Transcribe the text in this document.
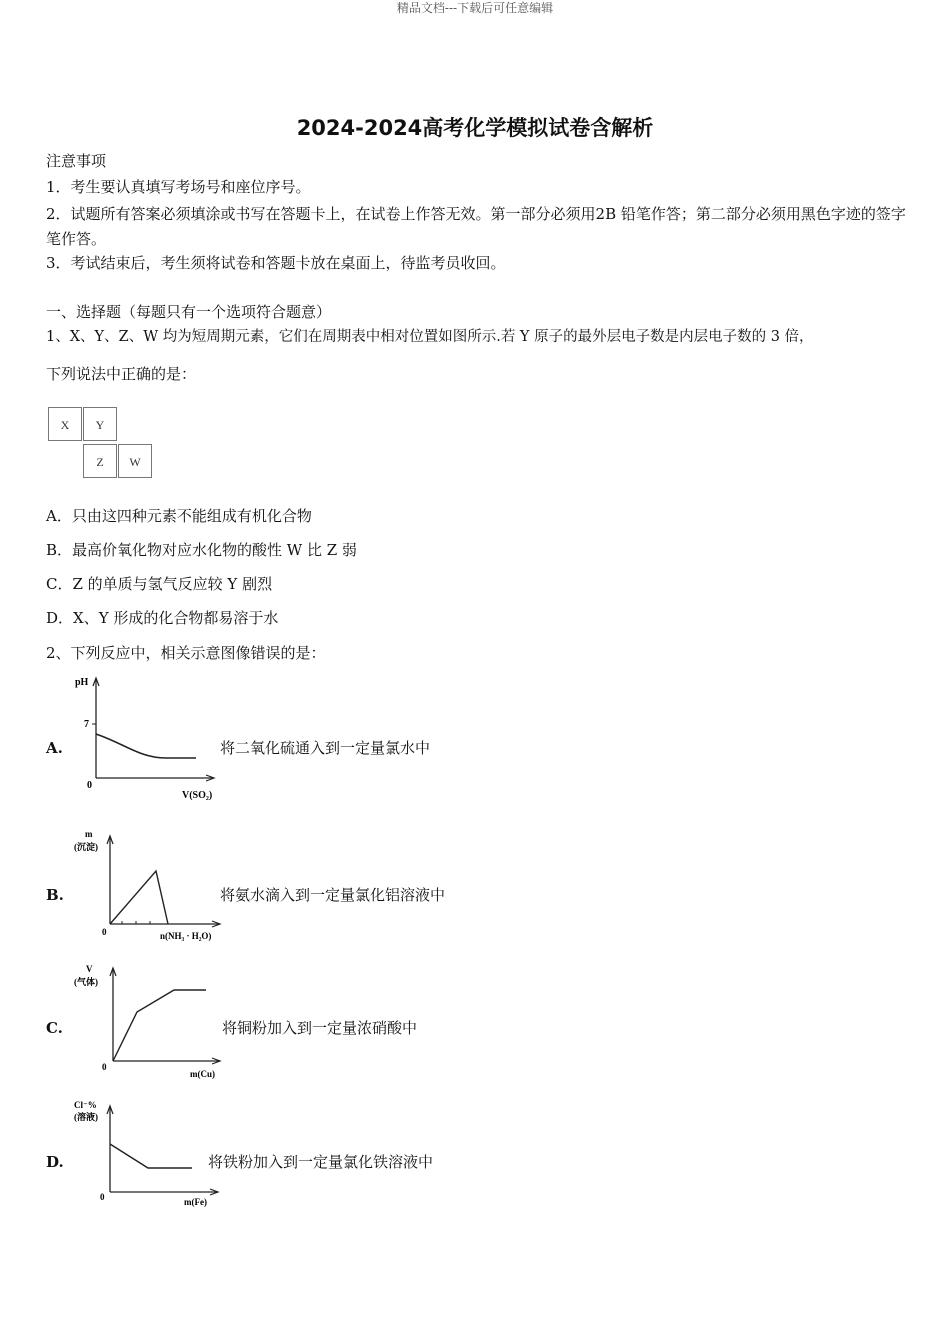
精品文档---下载后可任意编辑
2024-2024高考化学模拟试卷含解析
注意事项
1．考生要认真填写考场号和座位序号。
2．试题所有答案必须填涂或书写在答题卡上，在试卷上作答无效。第一部分必须用2B 铅笔作答；第二部分必须用黑色字迹的签字笔作答。
3．考试结束后，考生须将试卷和答题卡放在桌面上，待监考员收回。
一、选择题（每题只有一个选项符合题意）
1、X、Y、Z、W 均为短周期元素，它们在周期表中相对位置如图所示.若 Y 原子的最外层电子数是内层电子数的 3 倍，
下列说法中正确的是：
X	Y
Z	W
A．只由这四种元素不能组成有机化合物
B．最高价氧化物对应水化物的酸性 W 比 Z 弱
C．Z 的单质与氢气反应较 Y 剧烈
D．X、Y 形成的化合物都易溶于水
2、下列反应中，相关示意图像错误的是：
A.
pH
7
0
V(SO₂)
将二氧化硫通入到一定量氯水中
B.
m
(沉淀)
0	n(NH₃ · H₂O)
将氨水滴入到一定量氯化铝溶液中
C.
V
(气体)
0
m(Cu)
将铜粉加入到一定量浓硝酸中
D.
Cl⁻%
(溶液)
0	m(Fe)
将铁粉加入到一定量氯化铁溶液中
